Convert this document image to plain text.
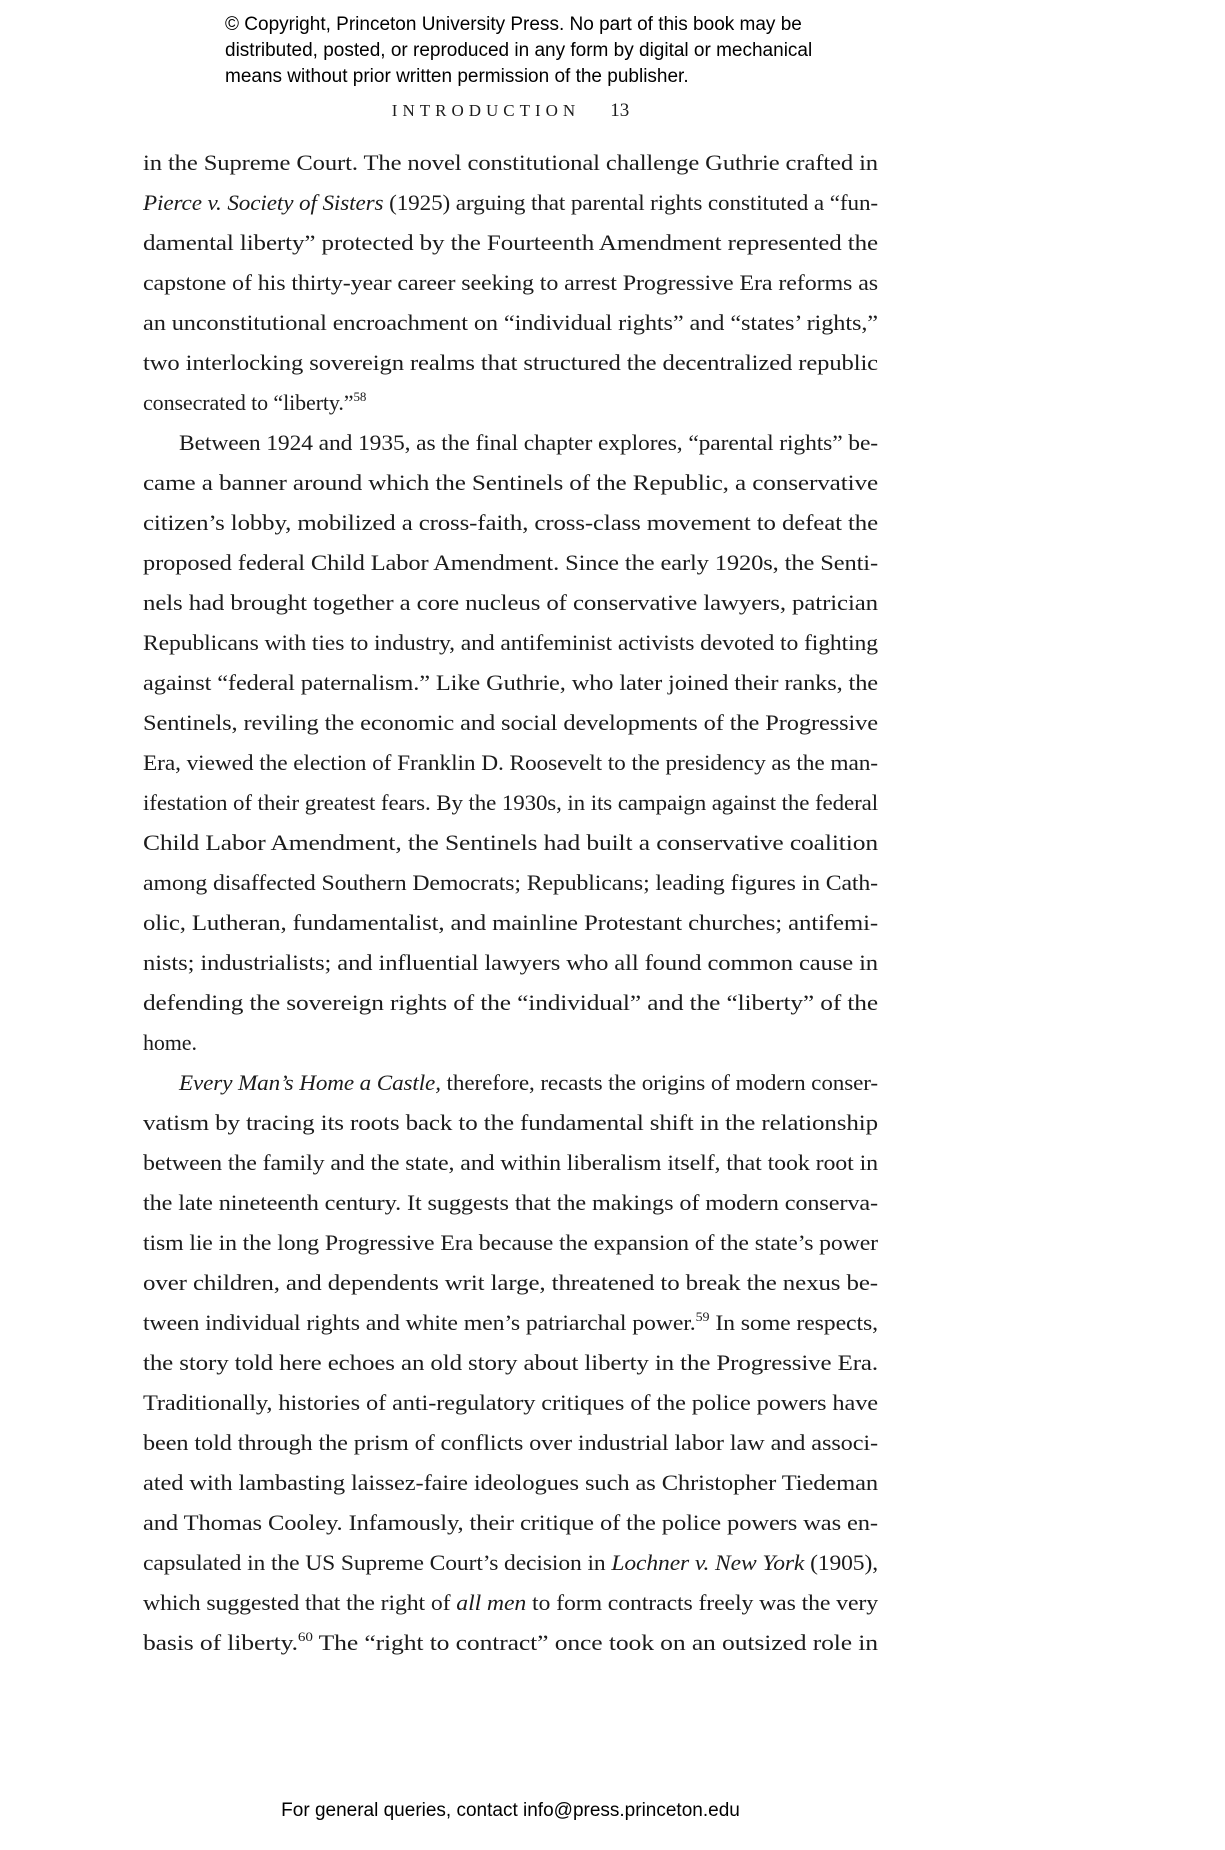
© Copyright, Princeton University Press. No part of this book may be
distributed, posted, or reproduced in any form by digital or mechanical
means without prior written permission of the publisher.
INTRODUCTION 13
in the Supreme Court. The novel constitutional challenge Guthrie crafted in
Pierce v. Society of Sisters (1925) arguing that parental rights constituted a “fun-
damental liberty” protected by the Fourteenth Amendment represented the
capstone of his thirty-year career seeking to arrest Progressive Era reforms as
an unconstitutional encroachment on “individual rights” and “states’ rights,”
two interlocking sovereign realms that structured the decentralized republic
consecrated to “liberty.”$^{58}$
Between 1924 and 1935, as the final chapter explores, “parental rights” be-
came a banner around which the Sentinels of the Republic, a conservative
citizen’s lobby, mobilized a cross-faith, cross-class movement to defeat the
proposed federal Child Labor Amendment. Since the early 1920s, the Senti-
nels had brought together a core nucleus of conservative lawyers, patrician
Republicans with ties to industry, and antifeminist activists devoted to fighting
against “federal paternalism.” Like Guthrie, who later joined their ranks, the
Sentinels, reviling the economic and social developments of the Progressive
Era, viewed the election of Franklin D. Roosevelt to the presidency as the man-
ifestation of their greatest fears. By the 1930s, in its campaign against the federal
Child Labor Amendment, the Sentinels had built a conservative coalition
among disaffected Southern Democrats; Republicans; leading figures in Cath-
olic, Lutheran, fundamentalist, and mainline Protestant churches; antifemi-
nists; industrialists; and influential lawyers who all found common cause in
defending the sovereign rights of the “individual” and the “liberty” of the
home.
Every Man’s Home a Castle, therefore, recasts the origins of modern conser-
vatism by tracing its roots back to the fundamental shift in the relationship
between the family and the state, and within liberalism itself, that took root in
the late nineteenth century. It suggests that the makings of modern conserva-
tism lie in the long Progressive Era because the expansion of the state’s power
over children, and dependents writ large, threatened to break the nexus be-
tween individual rights and white men’s patriarchal power.$^{59}$ In some respects,
the story told here echoes an old story about liberty in the Progressive Era.
Traditionally, histories of anti-regulatory critiques of the police powers have
been told through the prism of conflicts over industrial labor law and associ-
ated with lambasting laissez-faire ideologues such as Christopher Tiedeman
and Thomas Cooley. Infamously, their critique of the police powers was en-
capsulated in the US Supreme Court’s decision in Lochner v. New York (1905),
which suggested that the right of all men to form contracts freely was the very
basis of liberty.$^{60}$ The “right to contract” once took on an outsized role in
For general queries, contact info@press.princeton.edu
